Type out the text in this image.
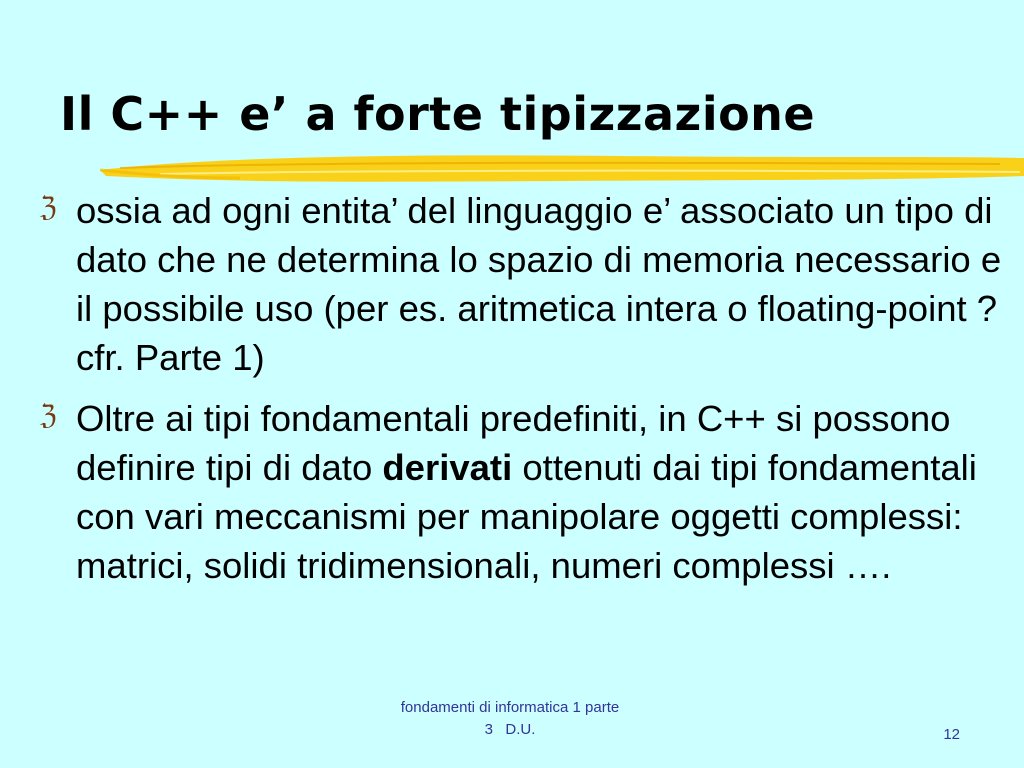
Il C++ e’ a forte tipizzazione
ℨ ossia ad ogni entita’ del linguaggio e’ associato un tipo di dato che ne determina lo spazio di memoria necessario e il possibile uso (per es. aritmetica intera o floating-point ? cfr. Parte 1)
ℨ Oltre ai tipi fondamentali predefiniti, in C++ si possono definire tipi di dato derivati ottenuti dai tipi fondamentali con vari meccanismi per manipolare oggetti complessi: matrici, solidi tridimensionali, numeri complessi ….
fondamenti di informatica 1 parte
3   D.U.	12
